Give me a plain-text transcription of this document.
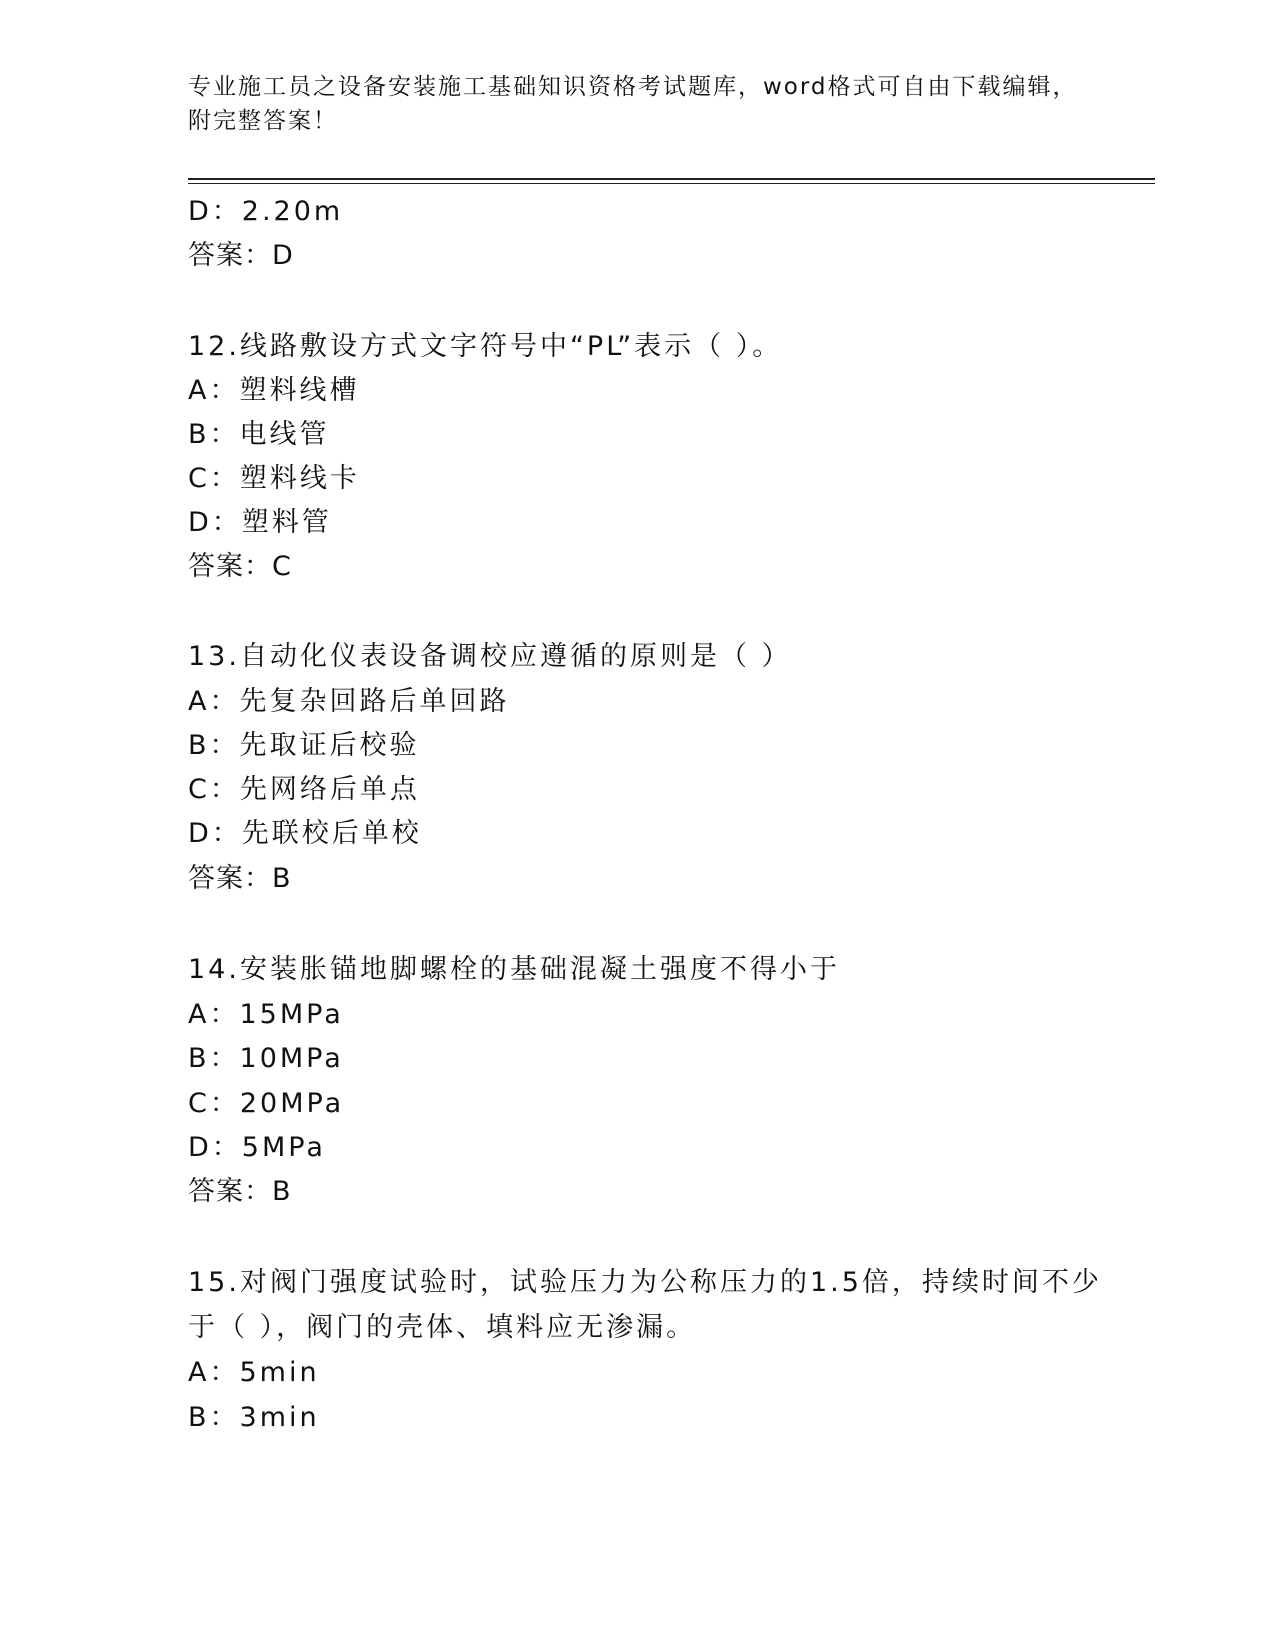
专业施工员之设备安装施工基础知识资格考试题库，word格式可自由下载编辑，
附完整答案！
D：2.20m
答案：D
12.线路敷设方式文字符号中“PL”表示（ ）。
A：塑料线槽
B：电线管
C：塑料线卡
D：塑料管
答案：C
13.自动化仪表设备调校应遵循的原则是（ ）
A：先复杂回路后单回路
B：先取证后校验
C：先网络后单点
D：先联校后单校
答案：B
14.安装胀锚地脚螺栓的基础混凝土强度不得小于
A：15MPa
B：10MPa
C：20MPa
D：5MPa
答案：B
15.对阀门强度试验时，试验压力为公称压力的1.5倍，持续时间不少
于（ ），阀门的壳体、填料应无渗漏。
A：5min
B：3min
